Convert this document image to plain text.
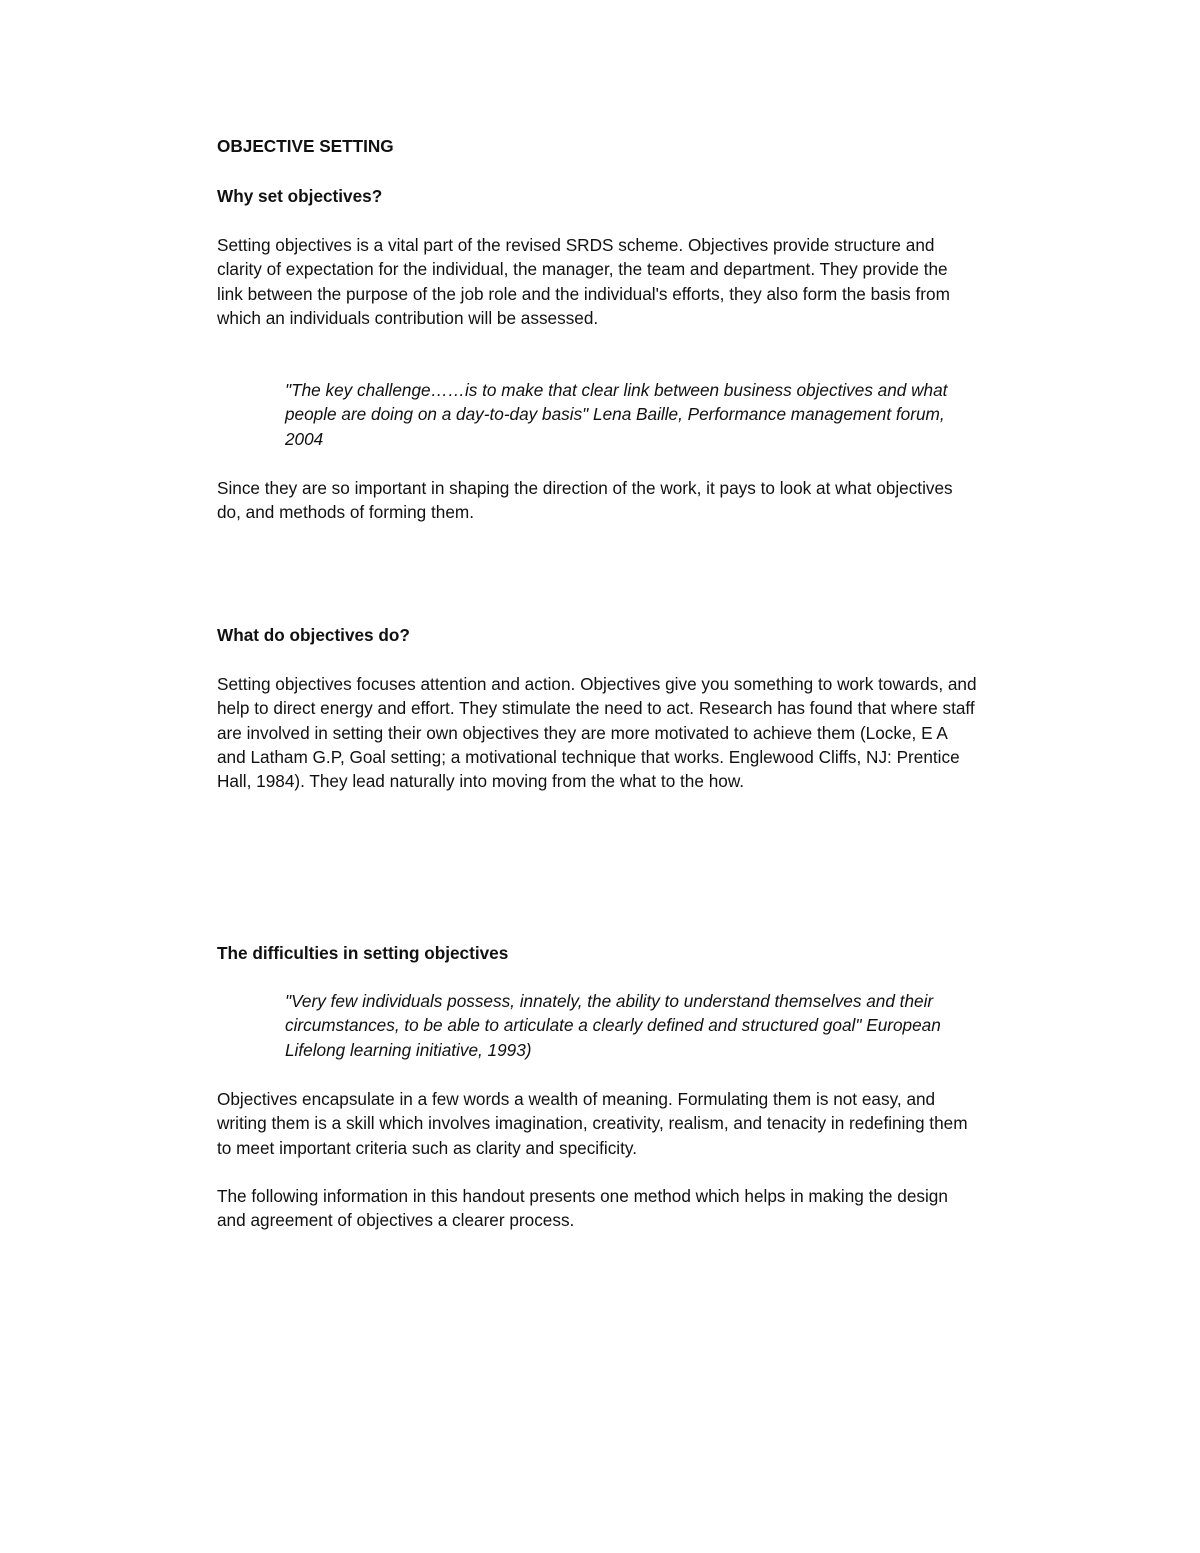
OBJECTIVE SETTING
Why set objectives?

Setting objectives is a vital part of the revised SRDS scheme. Objectives provide structure and clarity of expectation for the individual, the manager, the team and department. They provide the link between the purpose of the job role and the individual's efforts, they also form the basis from which an individuals contribution will be assessed.

"The key challenge……is to make that clear link between business objectives and what people are doing on a day-to-day basis" Lena Baille, Performance management forum, 2004

Since they are so important in shaping the direction of the work, it pays to look at what objectives do, and methods of forming them.

What do objectives do?

Setting objectives focuses attention and action. Objectives give you something to work towards, and help to direct energy and effort. They stimulate the need to act. Research has found that where staff are involved in setting their own objectives they are more motivated to achieve them (Locke, E A and Latham G.P, Goal setting; a motivational technique that works. Englewood Cliffs, NJ: Prentice Hall, 1984). They lead naturally into moving from the what to the how.

The difficulties in setting objectives

"Very few individuals possess, innately, the ability to understand themselves and their circumstances, to be able to articulate a clearly defined and structured goal" European Lifelong learning initiative, 1993)

Objectives encapsulate in a few words a wealth of meaning. Formulating them is not easy, and writing them is a skill which involves imagination, creativity, realism, and tenacity in redefining them to meet important criteria such as clarity and specificity.

The following information in this handout presents one method which helps in making the design and agreement of objectives a clearer process.
